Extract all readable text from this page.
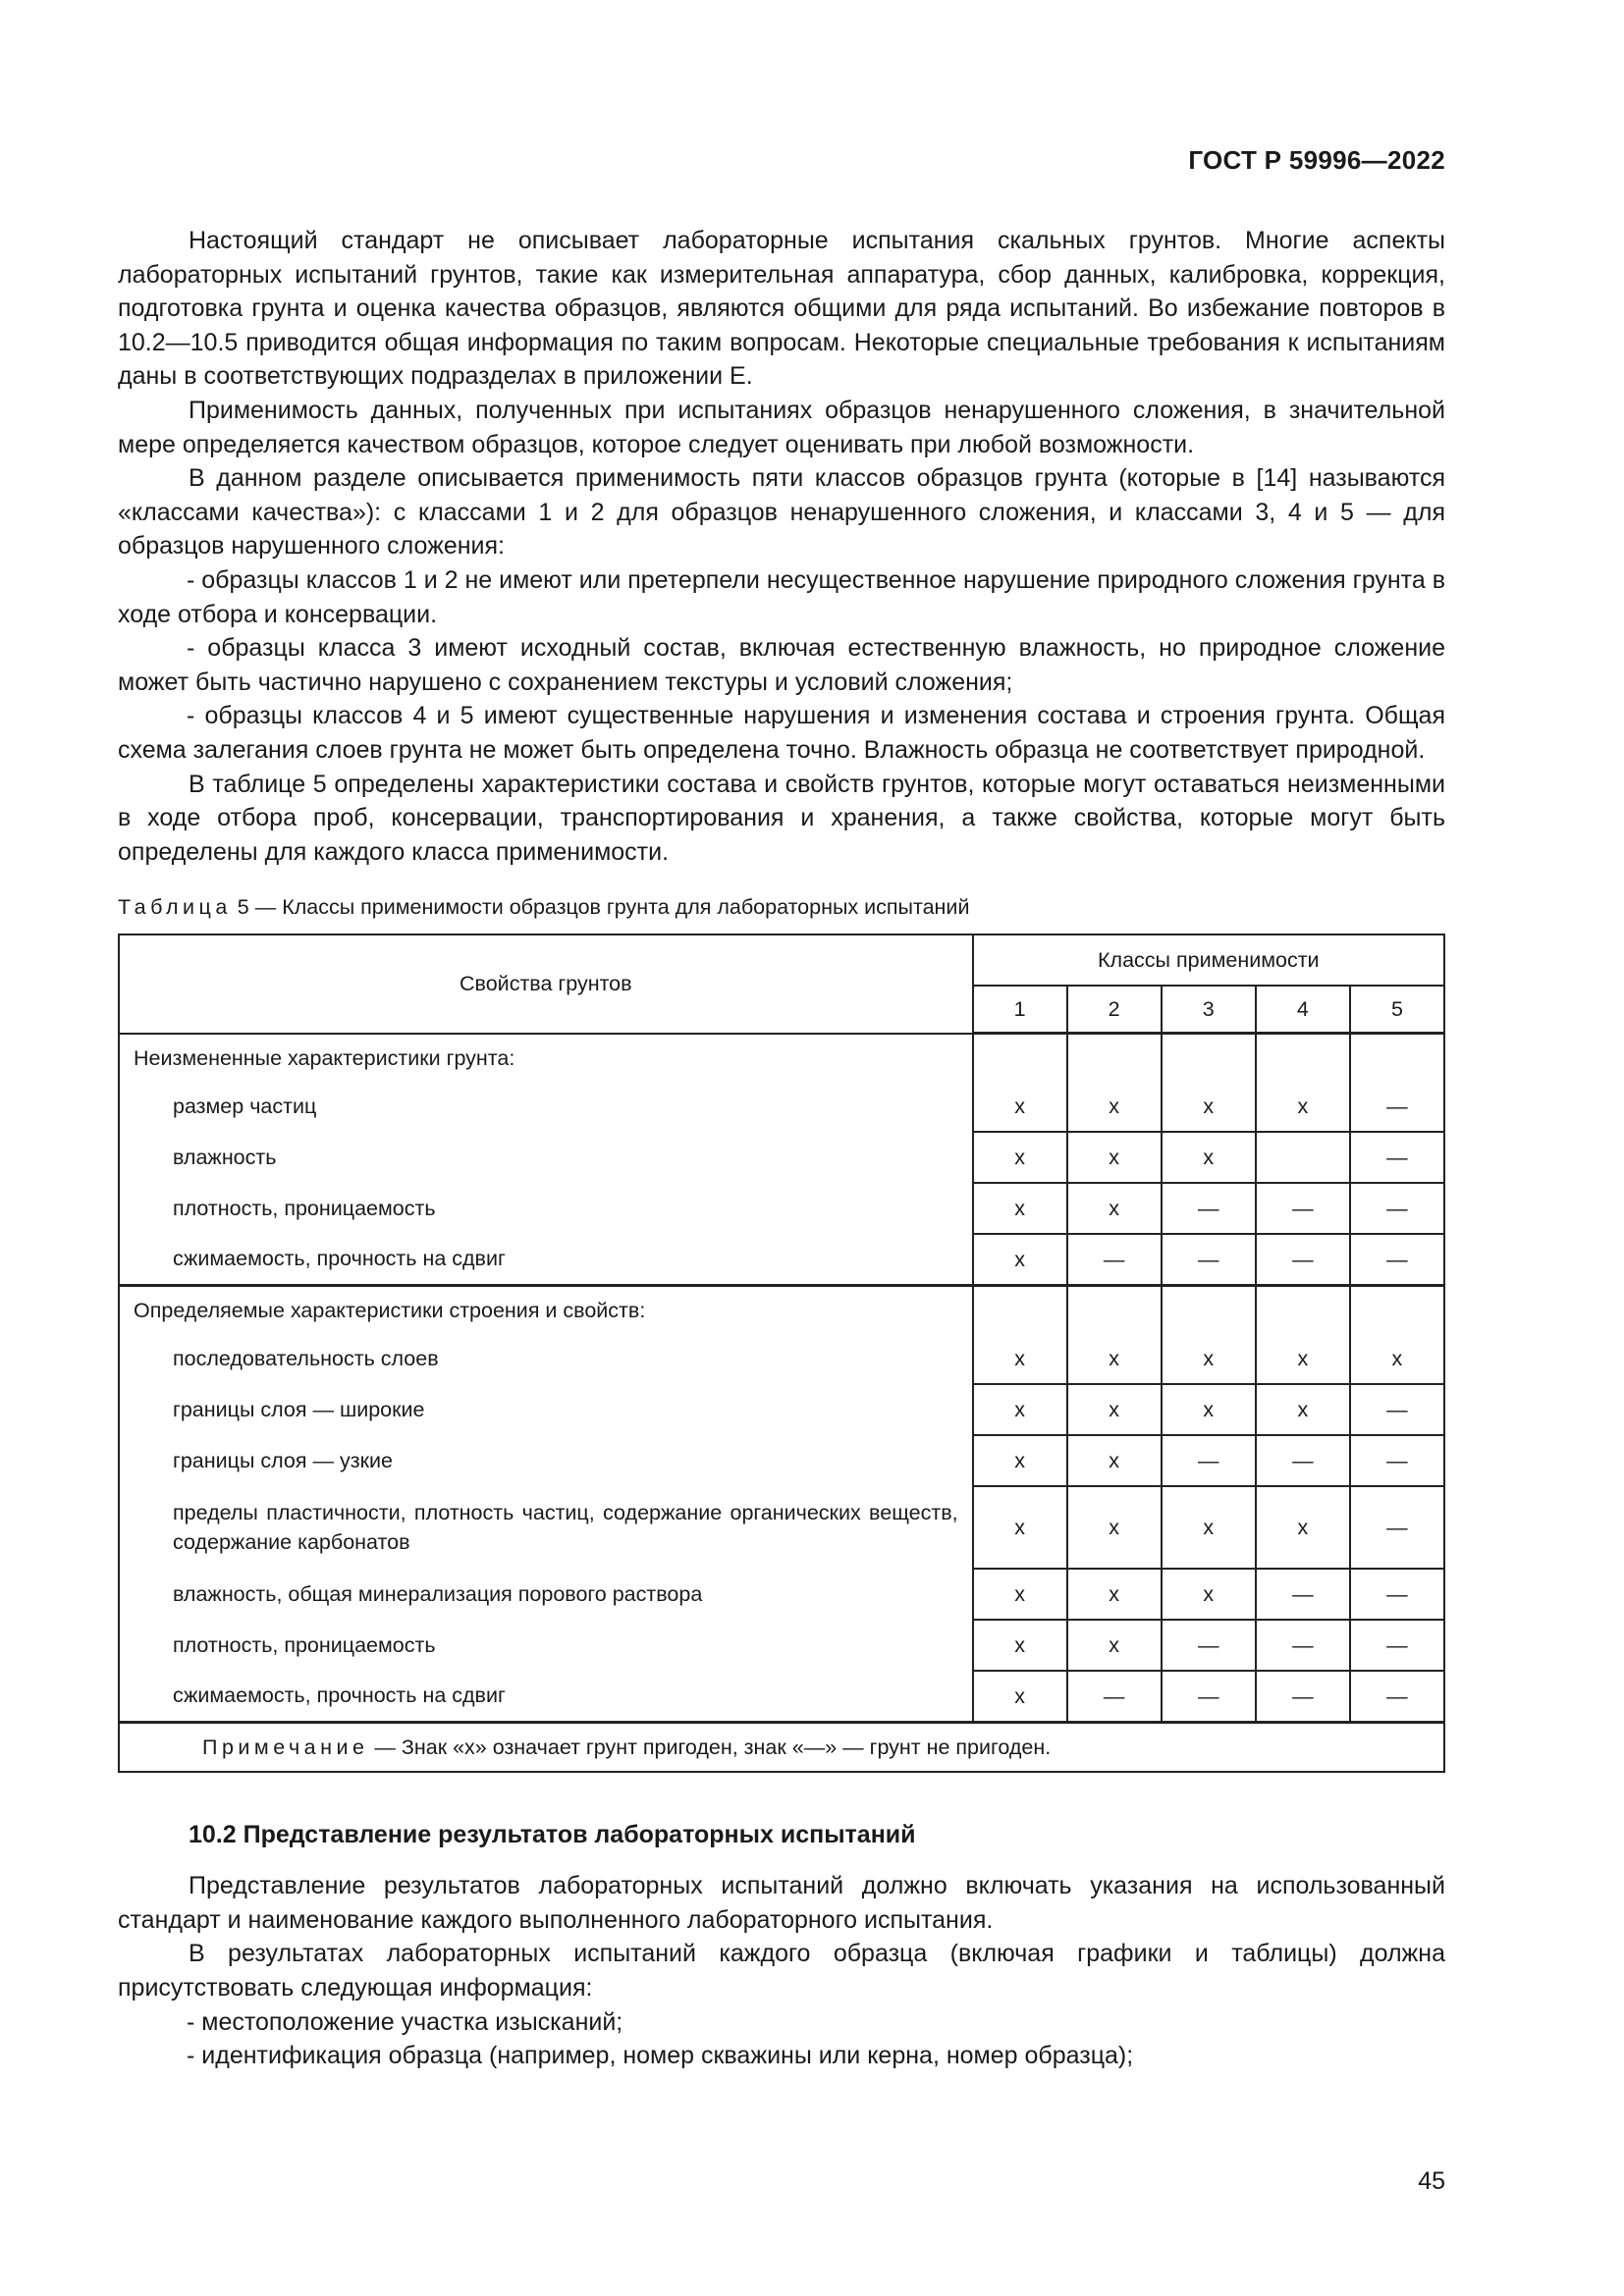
ГОСТ Р 59996—2022

Настоящий стандарт не описывает лабораторные испытания скальных грунтов. Многие аспекты лабораторных испытаний грунтов, такие как измерительная аппаратура, сбор данных, калибровка, коррекция, подготовка грунта и оценка качества образцов, являются общими для ряда испытаний. Во избежание повторов в 10.2—10.5 приводится общая информация по таким вопросам. Некоторые специальные требования к испытаниям даны в соответствующих подразделах в приложении Е.

Применимость данных, полученных при испытаниях образцов ненарушенного сложения, в значительной мере определяется качеством образцов, которое следует оценивать при любой возможности.

В данном разделе описывается применимость пяти классов образцов грунта (которые в [14] называются «классами качества»): с классами 1 и 2 для образцов ненарушенного сложения, и классами 3, 4 и 5 — для образцов нарушенного сложения:

- образцы классов 1 и 2 не имеют или претерпели несущественное нарушение природного сложения грунта в ходе отбора и консервации.

- образцы класса 3 имеют исходный состав, включая естественную влажность, но природное сложение может быть частично нарушено с сохранением текстуры и условий сложения;

- образцы классов 4 и 5 имеют существенные нарушения и изменения состава и строения грунта. Общая схема залегания слоев грунта не может быть определена точно. Влажность образца не соответствует природной.

В таблице 5 определены характеристики состава и свойств грунтов, которые могут оставаться неизменными в ходе отбора проб, консервации, транспортирования и хранения, а также свойства, которые могут быть определены для каждого класса применимости.

Таблица 5 — Классы применимости образцов грунта для лабораторных испытаний
Свойства грунтов	Классы применимости				
	1	2	3	4	5
Неизмененные характеристики грунта:					
размер частиц	x	x	x	x	—
влажность	x	x	x		—
плотность, проницаемость	x	x	—	—	—
сжимаемость, прочность на сдвиг	x	—	—	—	—
Определяемые характеристики строения и свойств:					
последовательность слоев	x	x	x	x	x
границы слоя — широкие	x	x	x	x	—
границы слоя — узкие	x	x	—	—	—
пределы пластичности, плотность частиц, содержание органических веществ, содержание карбонатов	x	x	x	x	—
влажность, общая минерализация порового раствора	x	x	x	—	—
плотность, проницаемость	x	x	—	—	—
сжимаемость, прочность на сдвиг	x	—	—	—	—
Примечание — Знак «х» означает грунт пригоден, знак «—» — грунт не пригоден.					
10.2 Представление результатов лабораторных испытаний

Представление результатов лабораторных испытаний должно включать указания на использованный стандарт и наименование каждого выполненного лабораторного испытания.

В результатах лабораторных испытаний каждого образца (включая графики и таблицы) должна присутствовать следующая информация:

- местоположение участка изысканий;

- идентификация образца (например, номер скважины или керна, номер образца);

45
